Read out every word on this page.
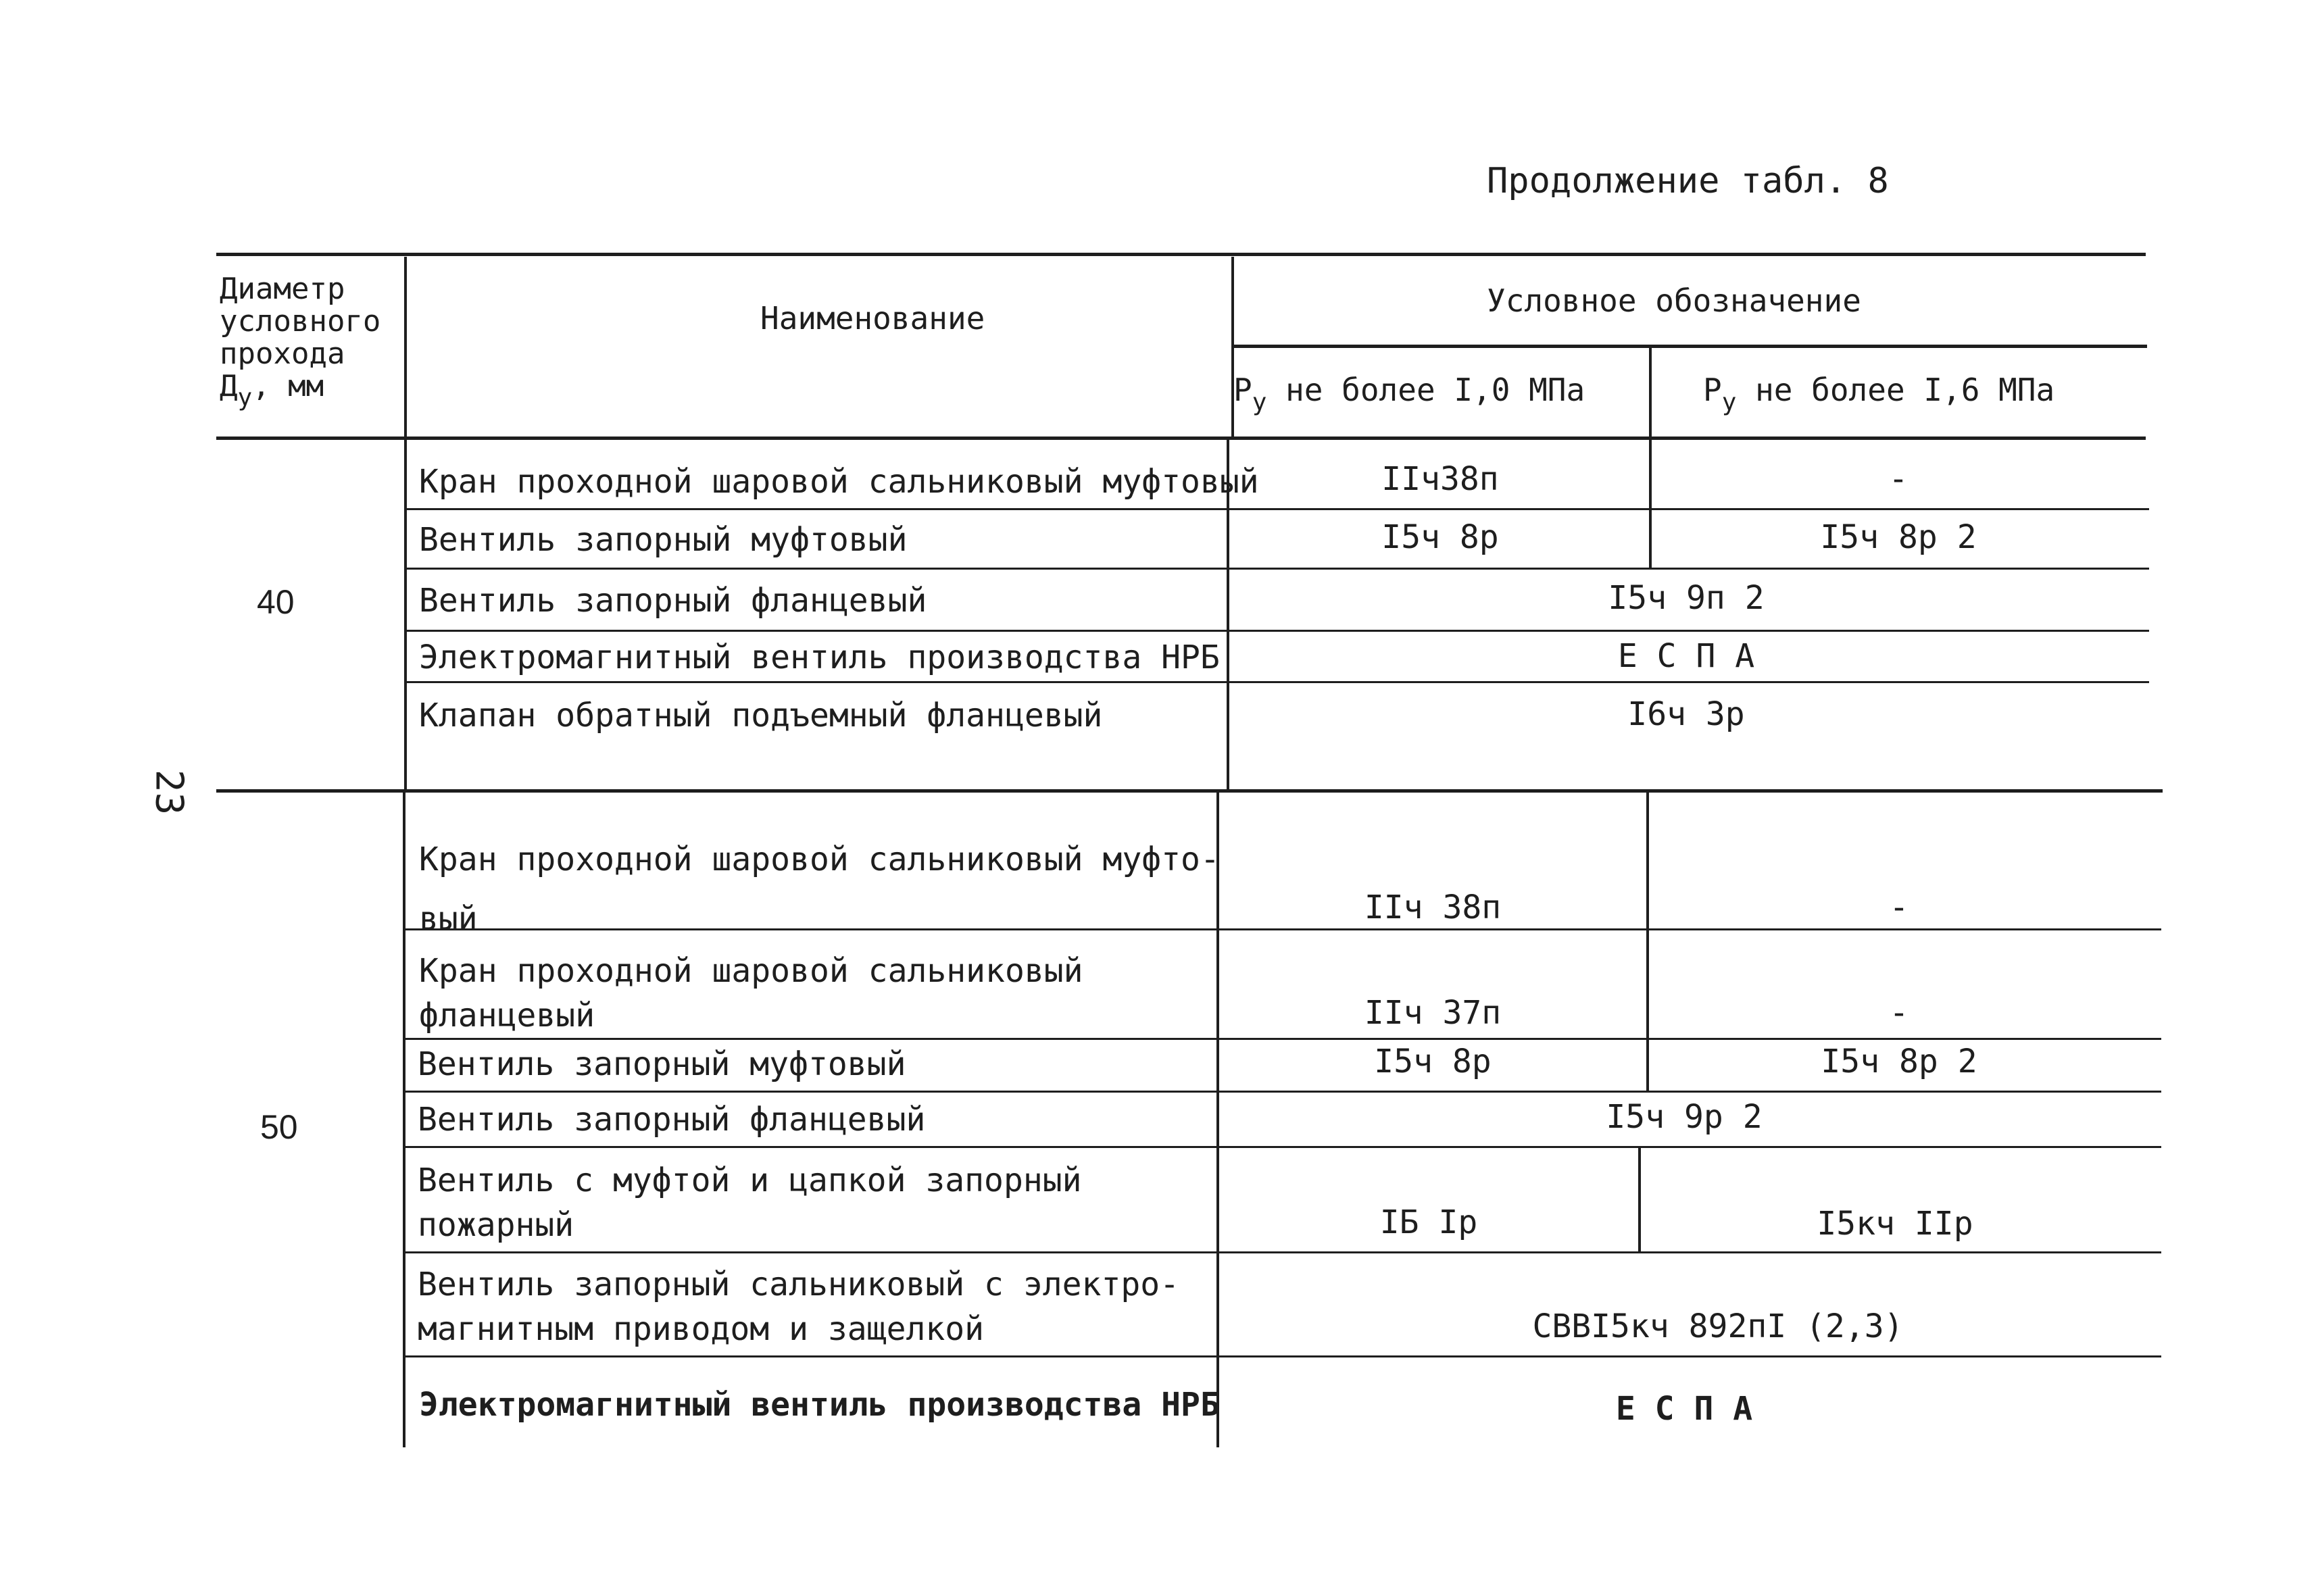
Продолжение табл. 8
23
Диаметр
условного
прохода
$Д_у$, мм
Наименование	Условное обозначение
$Р_у$ не более I,0 МПа	$Р_у$ не более I,6 МПа
40
Кран проходной шаровой сальниковый муфтовый	IIч38п	-
Вентиль запорный муфтовый	I5ч 8р	I5ч 8р 2
Вентиль запорный фланцевый	I5ч 9п 2
Электромагнитный вентиль производства НРБ	Е С П А
Клапан обратный подъемный фланцевый	I6ч 3р
50
Кран проходной шаровой сальниковый муфто-
вый	IIч 38п	-
Кран проходной шаровой сальниковый
фланцевый	IIч 37п	-
Вентиль запорный муфтовый	I5ч 8р	I5ч 8р 2
Вентиль запорный фланцевый	I5ч 9р 2
Вентиль с муфтой и цапкой запорный
пожарный	IБ Iр	I5кч IIр
Вентиль запорный сальниковый с электро-
магнитным приводом и защелкой	СВВI5кч 892пI (2,3)
Электромагнитный вентиль производства НРБ	Е С П А
